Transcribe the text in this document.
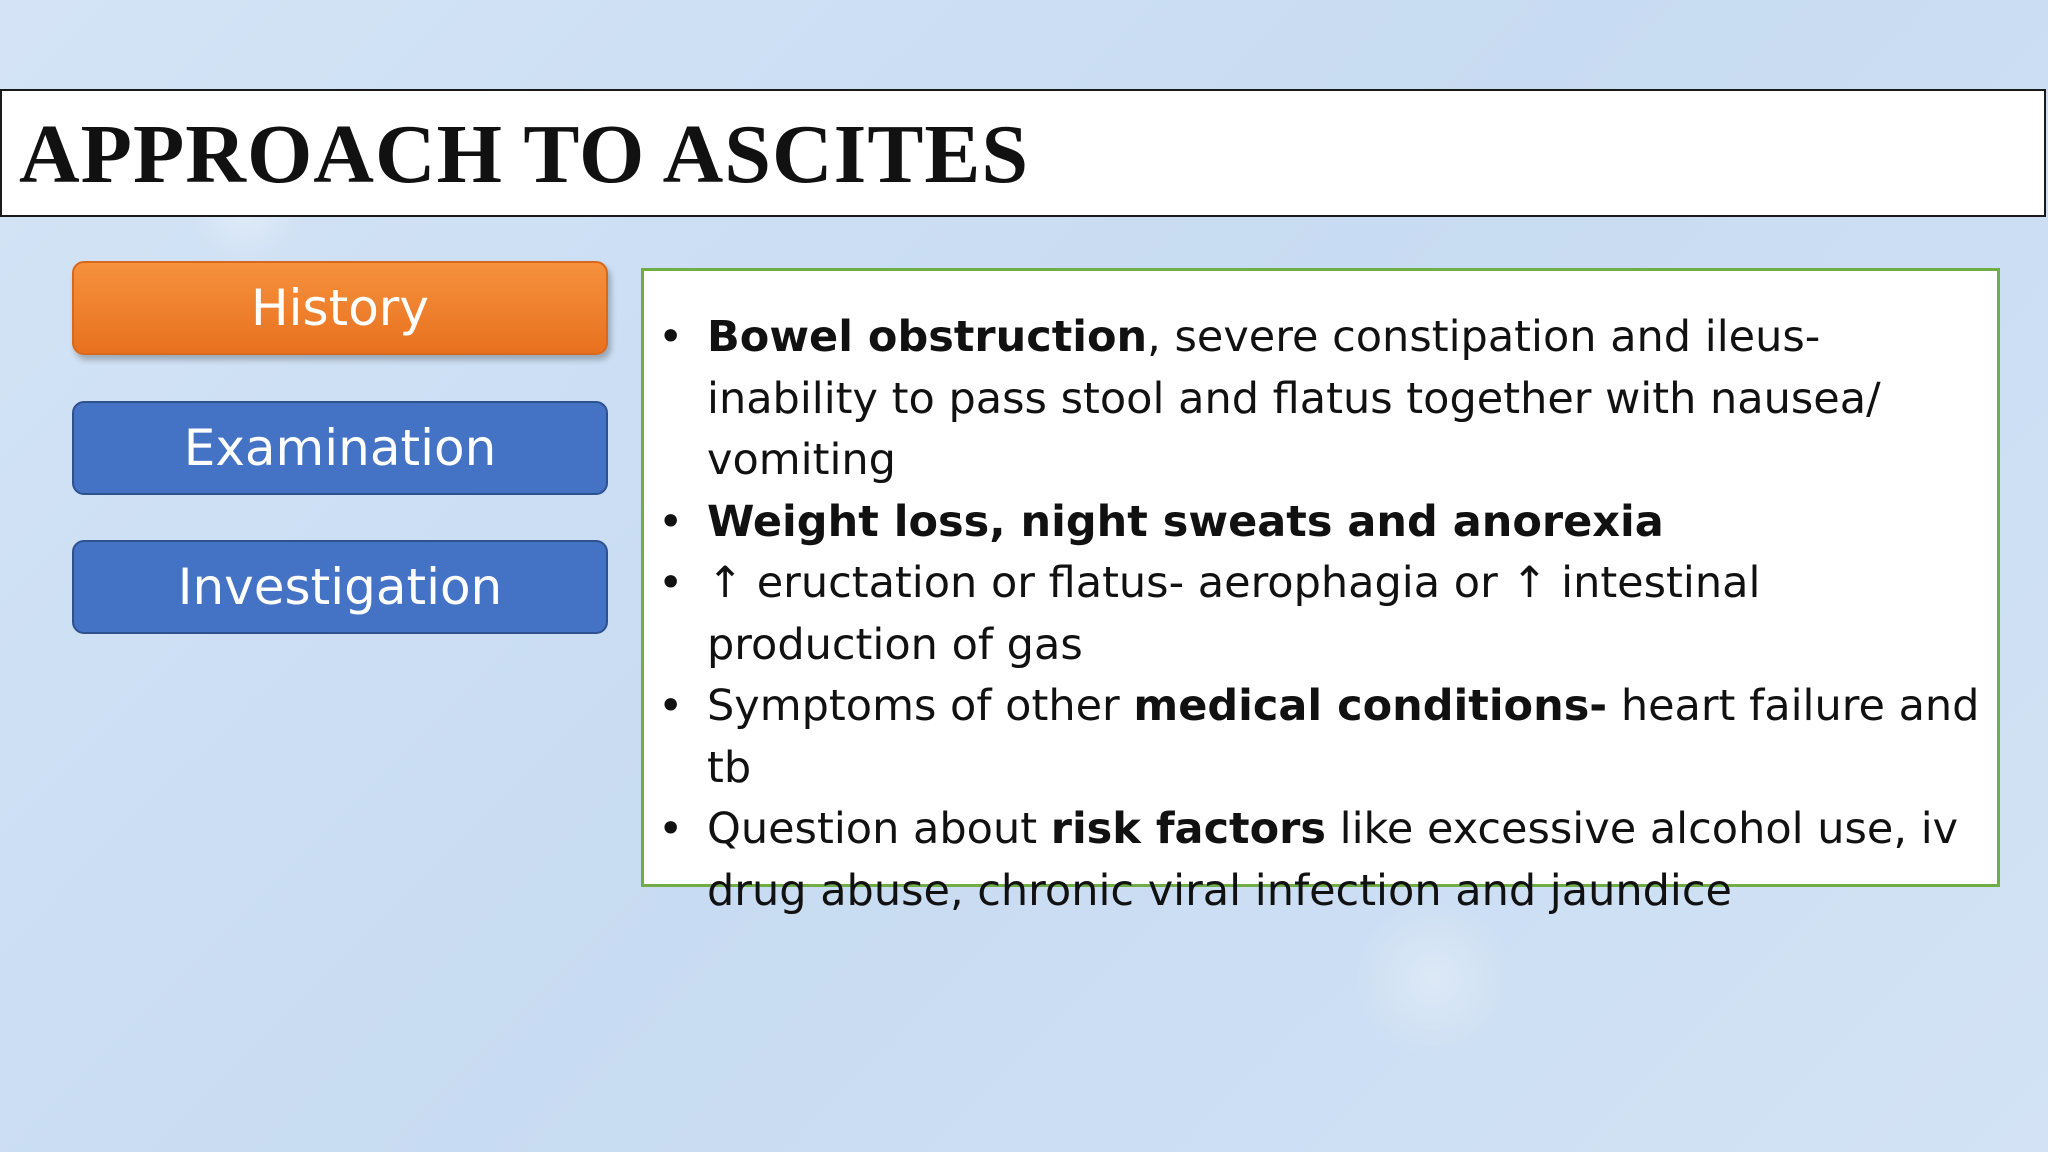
APPROACH TO ASCITES
History
Examination
Investigation
• Bowel obstruction, severe constipation and ileus- inability to pass stool and flatus together with nausea/ vomiting
• Weight loss, night sweats and anorexia
• ↑ eructation or flatus- aerophagia or ↑ intestinal production of gas
• Symptoms of other medical conditions- heart failure and tb
• Question about risk factors like excessive alcohol use, iv drug abuse, chronic viral infection and jaundice
